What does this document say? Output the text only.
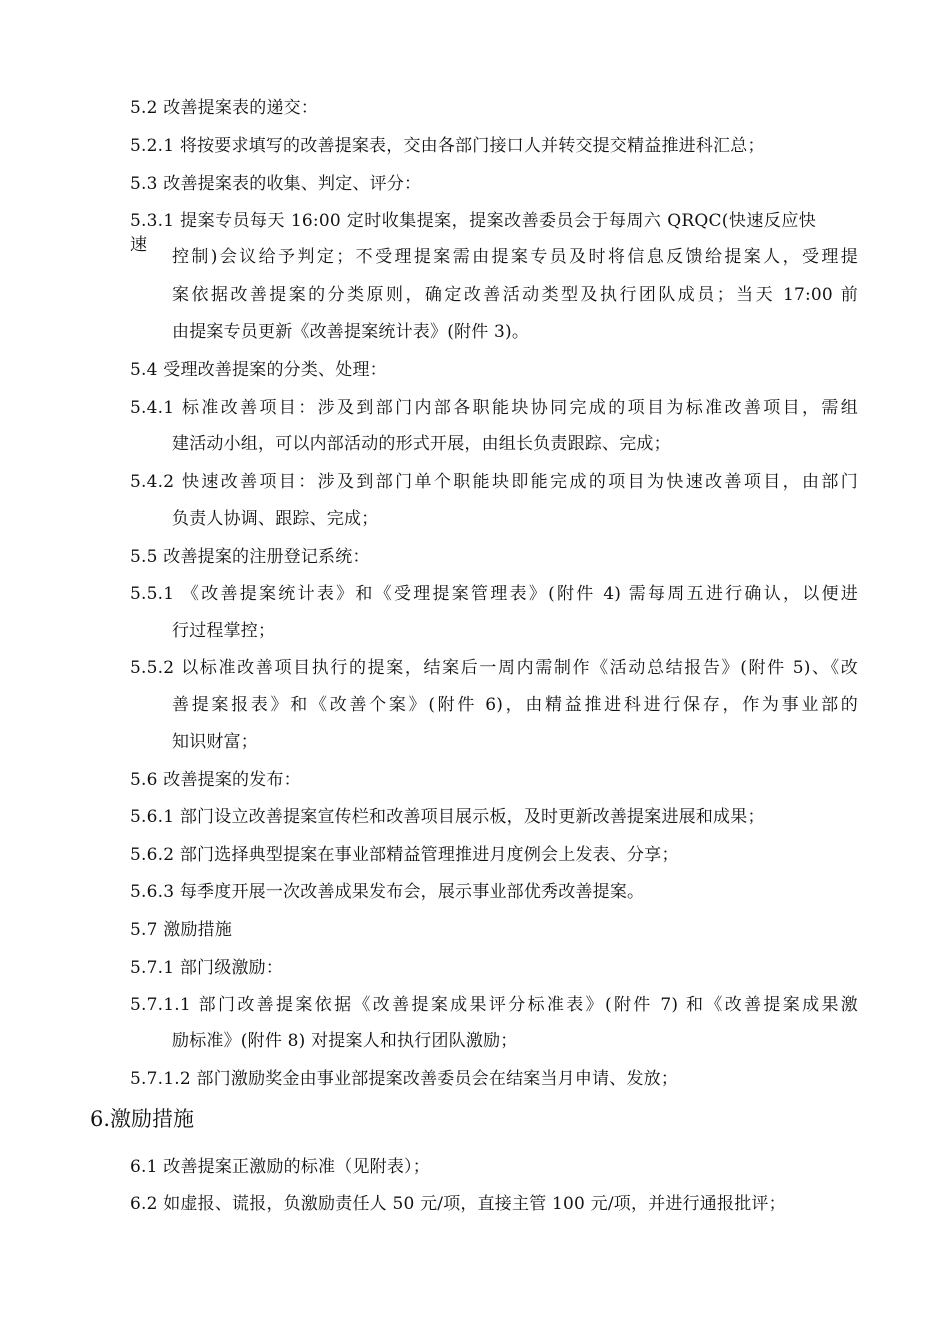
5.2 改善提案表的递交：
5.2.1 将按要求填写的改善提案表，交由各部门接口人并转交提交精益推进科汇总；
5.3 改善提案表的收集、判定、评分：
5.3.1 提案专员每天 16:00 定时收集提案，提案改善委员会于每周六 QRQC(快速反应快速
控制)会议给予判定；不受理提案需由提案专员及时将信息反馈给提案人，受理提
案依据改善提案的分类原则，确定改善活动类型及执行团队成员；当天 17:00 前
由提案专员更新《改善提案统计表》(附件 3)。
5.4 受理改善提案的分类、处理：
5.4.1 标准改善项目：涉及到部门内部各职能块协同完成的项目为标准改善项目，需组
建活动小组，可以内部活动的形式开展，由组长负责跟踪、完成；
5.4.2 快速改善项目：涉及到部门单个职能块即能完成的项目为快速改善项目，由部门
负责人协调、跟踪、完成；
5.5 改善提案的注册登记系统：
5.5.1 《改善提案统计表》和《受理提案管理表》(附件 4) 需每周五进行确认，以便进
行过程掌控；
5.5.2 以标准改善项目执行的提案，结案后一周内需制作《活动总结报告》(附件 5)、《改
善提案报表》和《改善个案》(附件 6)，由精益推进科进行保存，作为事业部的
知识财富；
5.6 改善提案的发布：
5.6.1 部门设立改善提案宣传栏和改善项目展示板，及时更新改善提案进展和成果；
5.6.2 部门选择典型提案在事业部精益管理推进月度例会上发表、分享；
5.6.3 每季度开展一次改善成果发布会，展示事业部优秀改善提案。
5.7 激励措施
5.7.1 部门级激励：
5.7.1.1 部门改善提案依据《改善提案成果评分标准表》(附件 7) 和《改善提案成果激
励标准》(附件 8) 对提案人和执行团队激励；
5.7.1.2 部门激励奖金由事业部提案改善委员会在结案当月申请、发放；
6.激励措施
6.1 改善提案正激励的标准（见附表）；
6.2 如虚报、谎报，负激励责任人 50 元/项，直接主管 100 元/项，并进行通报批评；
